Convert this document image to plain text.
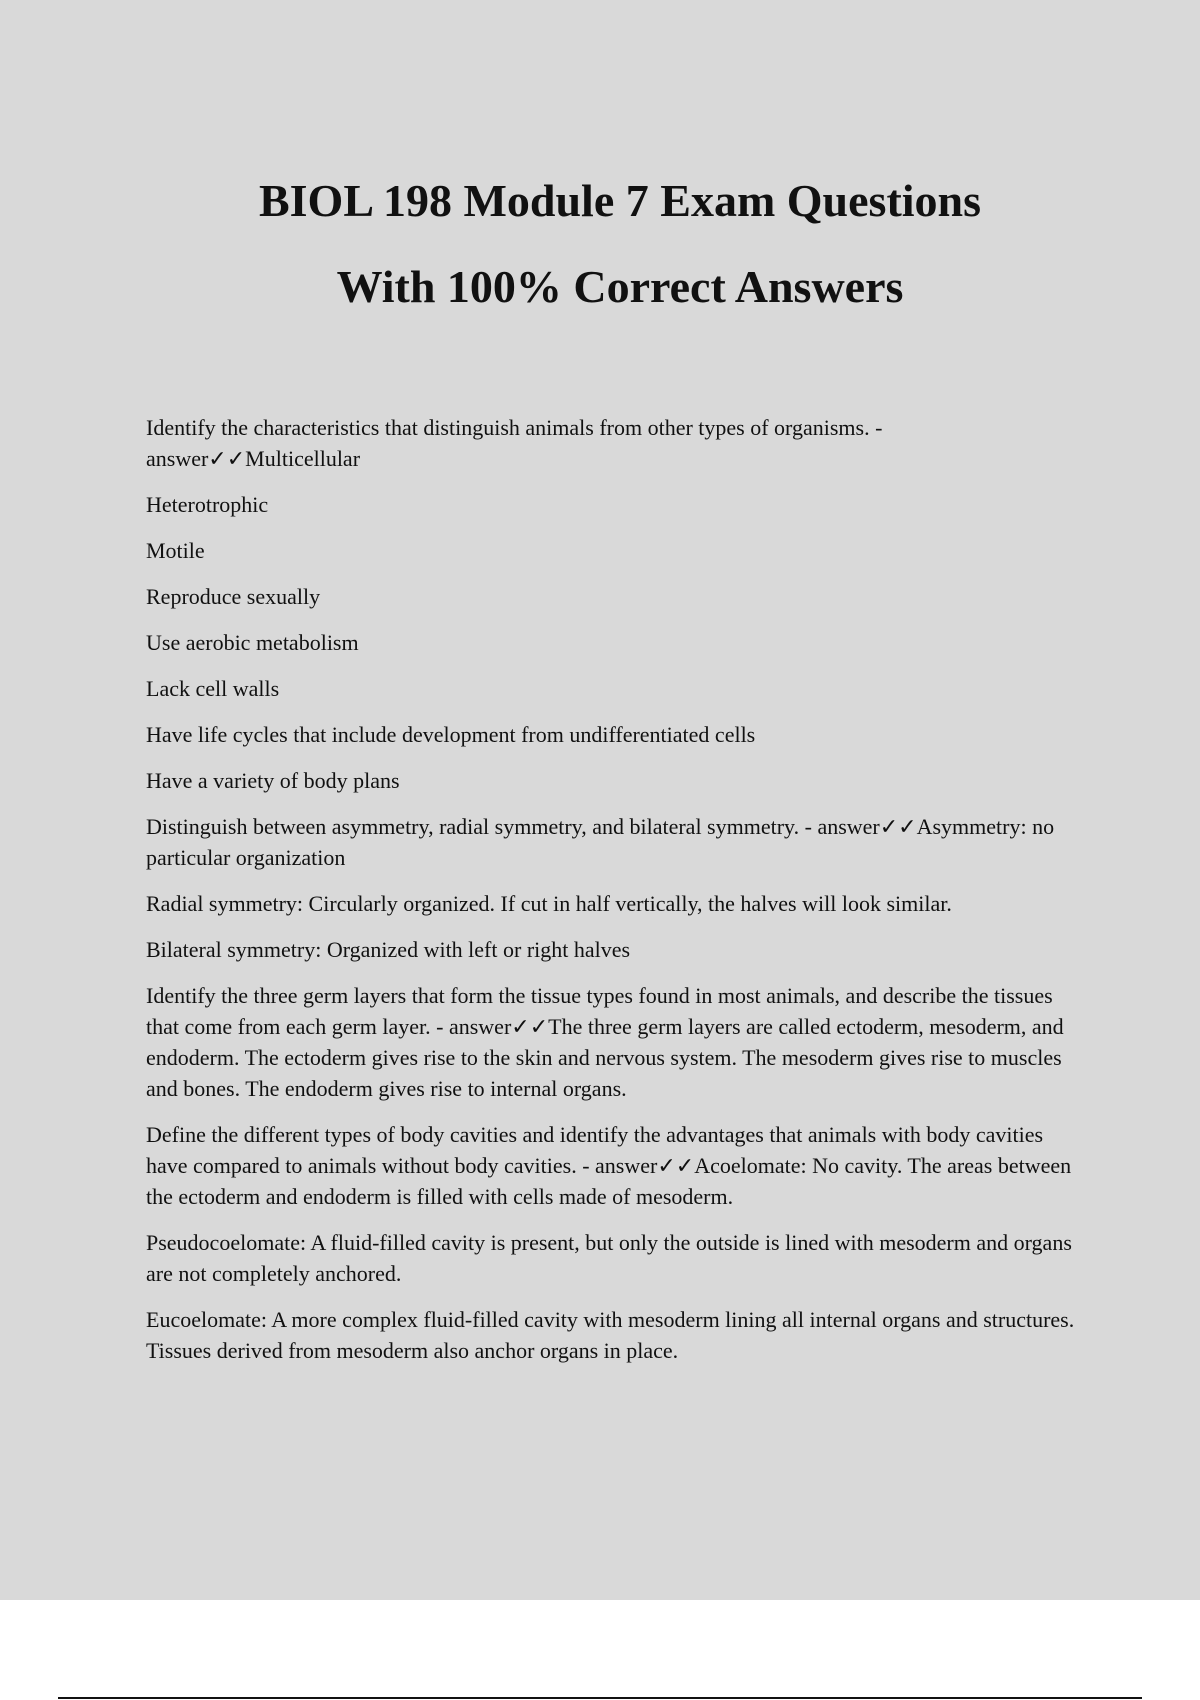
BIOL 198 Module 7 Exam Questions
With 100% Correct Answers

Identify the characteristics that distinguish animals from other types of organisms. - answer✓✓Multicellular

Heterotrophic

Motile

Reproduce sexually

Use aerobic metabolism

Lack cell walls

Have life cycles that include development from undifferentiated cells

Have a variety of body plans

Distinguish between asymmetry, radial symmetry, and bilateral symmetry. - answer✓✓Asymmetry: no particular organization

Radial symmetry: Circularly organized. If cut in half vertically, the halves will look similar.

Bilateral symmetry: Organized with left or right halves

Identify the three germ layers that form the tissue types found in most animals, and describe the tissues that come from each germ layer. - answer✓✓The three germ layers are called ectoderm, mesoderm, and endoderm. The ectoderm gives rise to the skin and nervous system. The mesoderm gives rise to muscles and bones. The endoderm gives rise to internal organs.

Define the different types of body cavities and identify the advantages that animals with body cavities have compared to animals without body cavities. - answer✓✓Acoelomate: No cavity. The areas between the ectoderm and endoderm is filled with cells made of mesoderm.

Pseudocoelomate: A fluid-filled cavity is present, but only the outside is lined with mesoderm and organs are not completely anchored.

Eucoelomate: A more complex fluid-filled cavity with mesoderm lining all internal organs and structures. Tissues derived from mesoderm also anchor organs in place.
